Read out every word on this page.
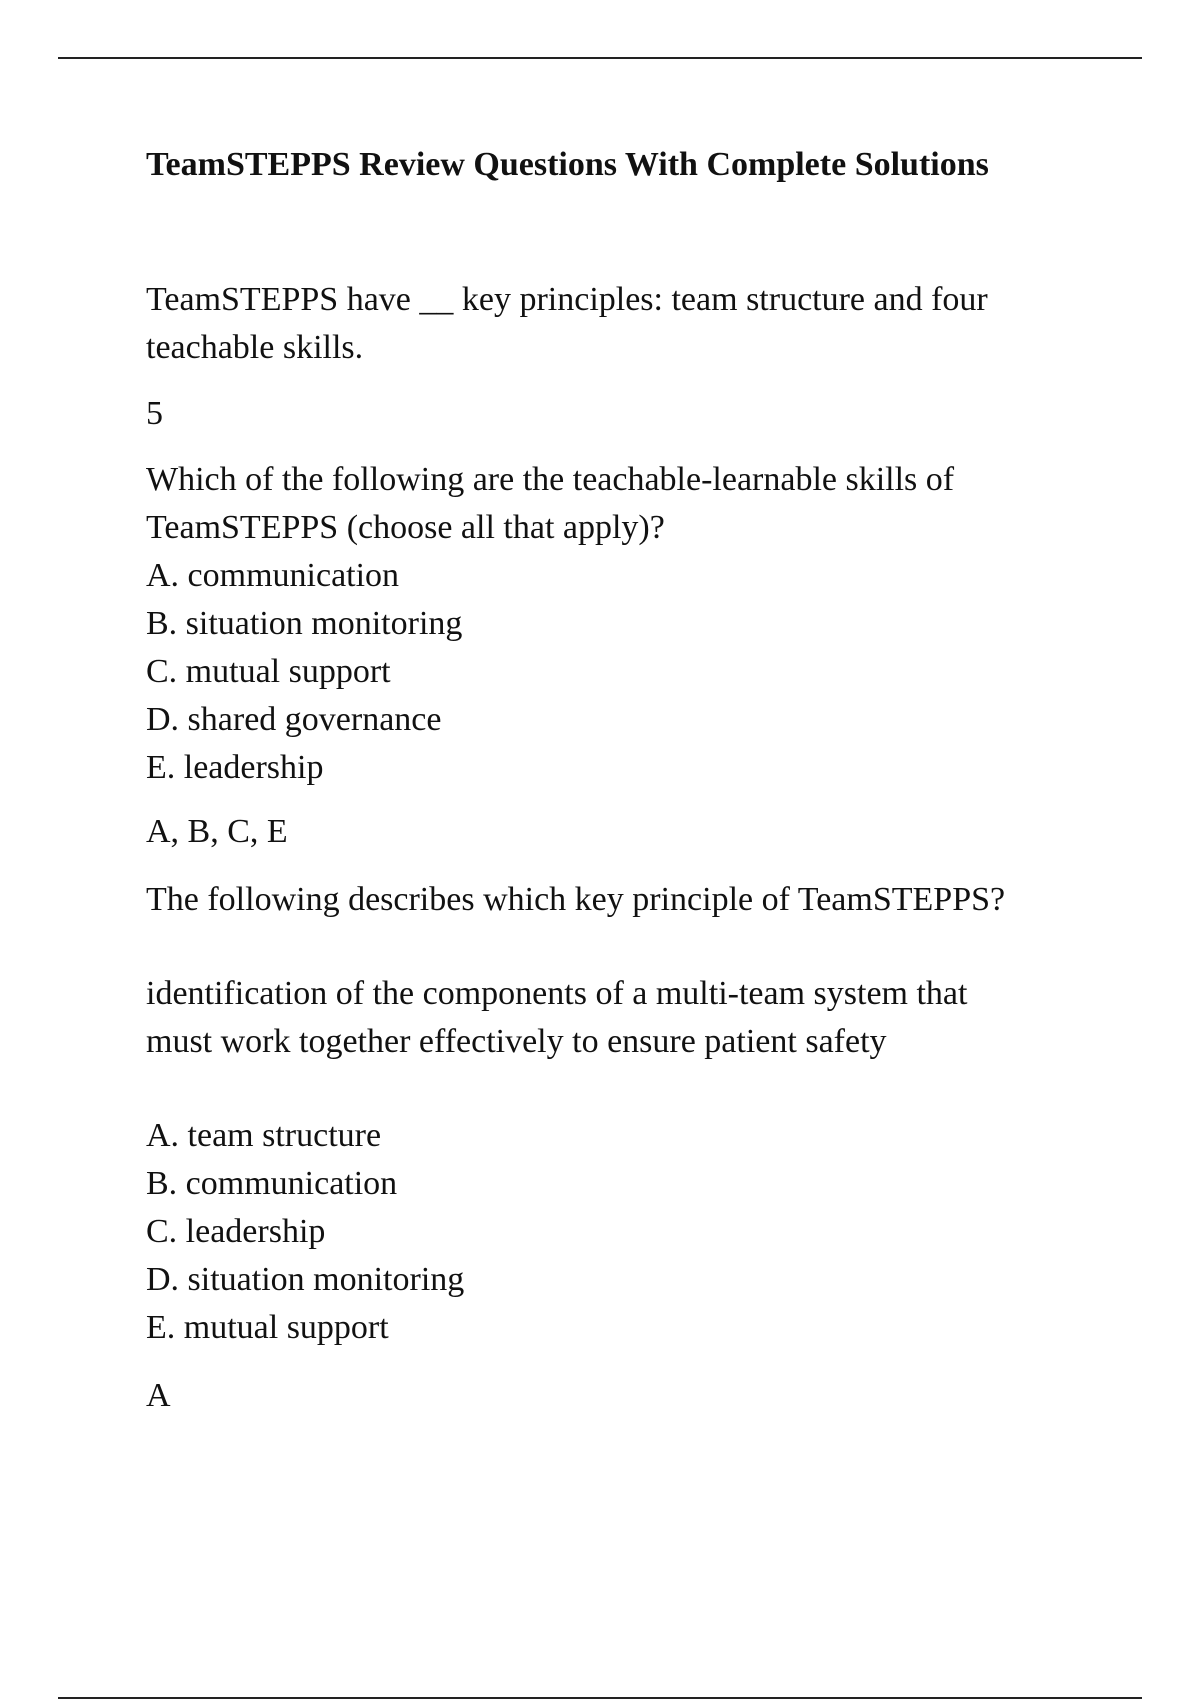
TeamSTEPPS Review Questions With Complete Solutions

TeamSTEPPS have __ key principles: team structure and four

teachable skills.

5

Which of the following are the teachable-learnable skills of

TeamSTEPPS (choose all that apply)?

A. communication

B. situation monitoring

C. mutual support

D. shared governance

E. leadership

A, B, C, E

The following describes which key principle of TeamSTEPPS?

identification of the components of a multi-team system that

must work together effectively to ensure patient safety

A. team structure

B. communication

C. leadership

D. situation monitoring

E. mutual support

A
